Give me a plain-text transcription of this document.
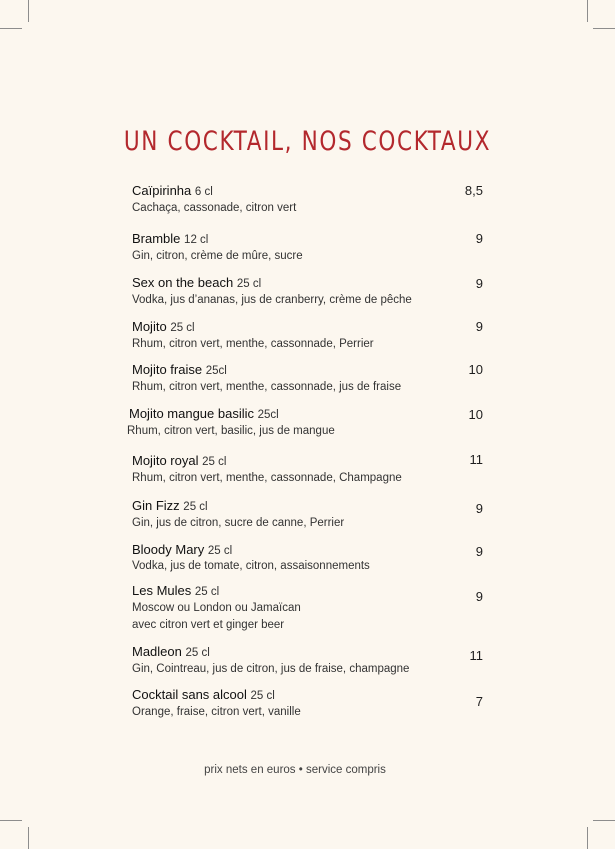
UN COCKTAIL, NOS COCKTAUX
Caïpirinha 6 cl
Cachaça, cassonade, citron vert
8,5
Bramble 12 cl
Gin, citron, crème de mûre, sucre
9
Sex on the beach 25 cl
Vodka, jus d’ananas, jus de cranberry, crème de pêche
9
Mojito 25 cl
Rhum, citron vert, menthe, cassonnade, Perrier
9
Mojito fraise 25cl
Rhum, citron vert, menthe, cassonnade, jus de fraise
10
Mojito mangue basilic 25cl
Rhum, citron vert, basilic, jus de mangue
10
Mojito royal 25 cl
Rhum, citron vert, menthe, cassonnade, Champagne
11
Gin Fizz 25 cl
Gin, jus de citron, sucre de canne, Perrier
9
Bloody Mary 25 cl
Vodka, jus de tomate, citron, assaisonnements
9
Les Mules 25 cl
Moscow ou London ou Jamaïcan
avec citron vert et ginger beer
9
Madleon 25 cl
Gin, Cointreau, jus de citron, jus de fraise, champagne
11
Cocktail sans alcool 25 cl
Orange, fraise, citron vert, vanille
7
prix nets en euros • service compris
